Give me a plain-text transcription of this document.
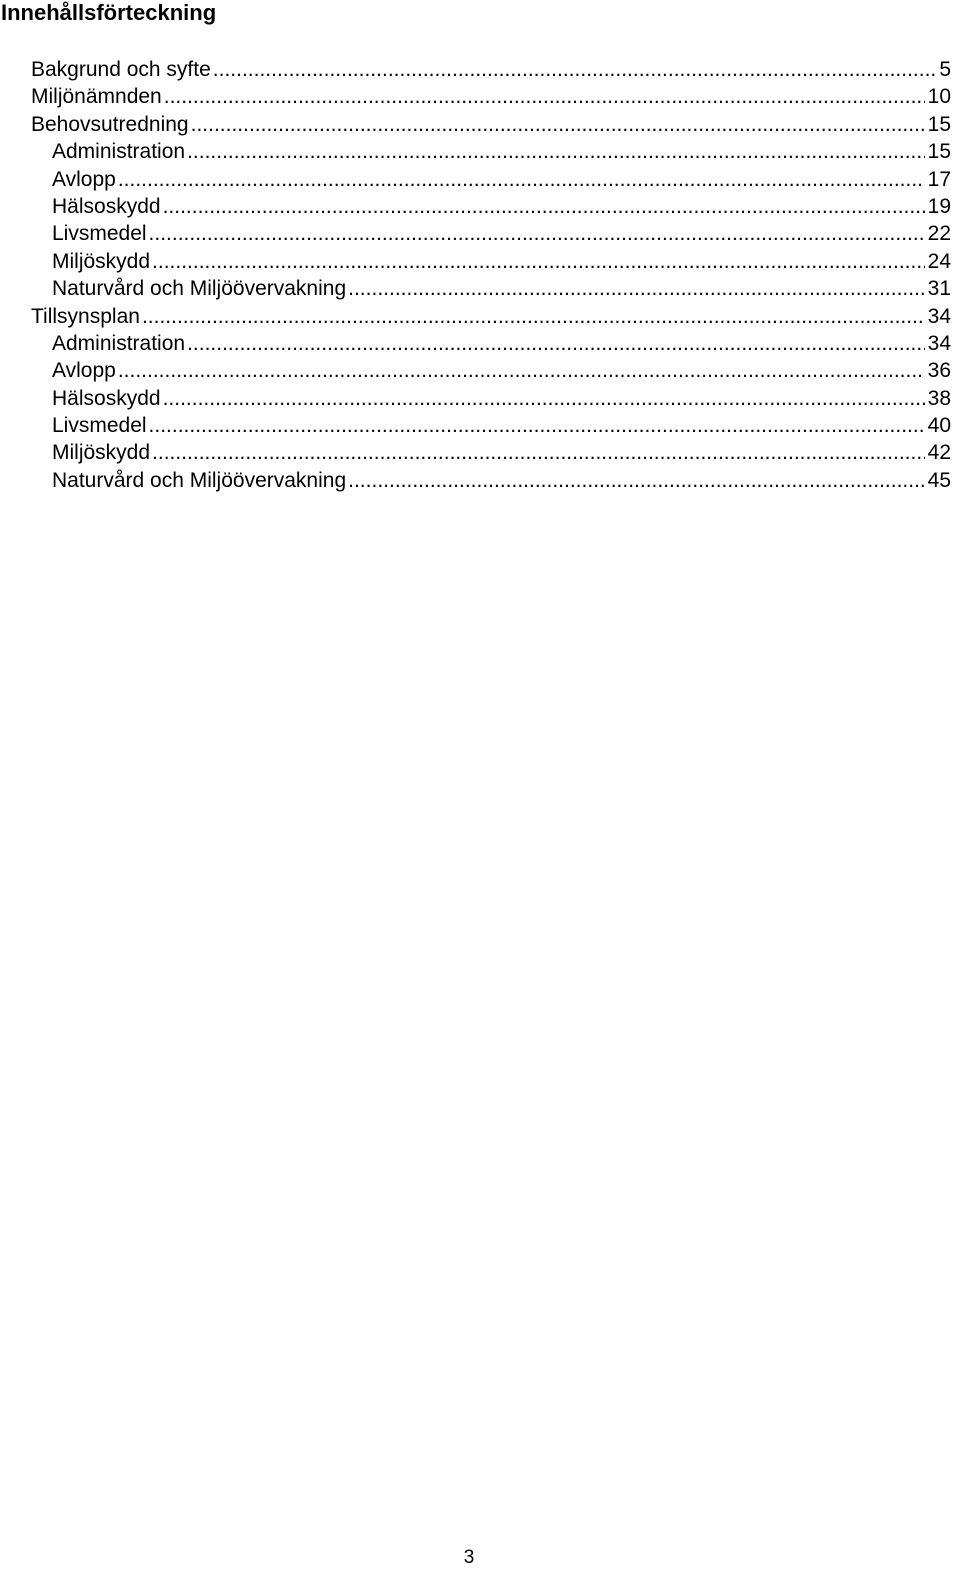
Innehållsförteckning
Bakgrund och syfte .....	5
Miljönämnden .....	10
Behovsutredning .....	15
Administration .....	15
Avlopp .....	17
Hälsoskydd .....	19
Livsmedel .....	22
Miljöskydd .....	24
Naturvård och Miljöövervakning .....	31
Tillsynsplan .....	34
Administration .....	34
Avlopp .....	36
Hälsoskydd .....	38
Livsmedel .....	40
Miljöskydd .....	42
Naturvård och Miljöövervakning .....	45
3
